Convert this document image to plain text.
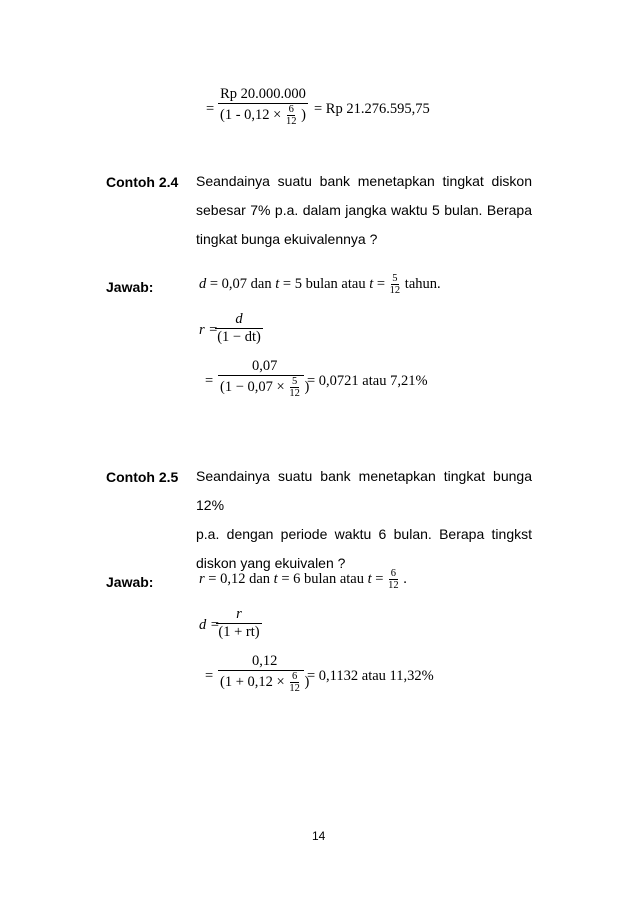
=
Rp 20.000.000
($1 - 0,12 \times \frac{6}{12}$ ) = Rp 21.276.595,75
Contoh 2.4 Seandainya suatu bank menetapkan tingkat diskon
sebesar 7% p.a. dalam jangka waktu 5 bulan. Berapa
tingkat bunga ekuivalennya ?
Jawab:	d = 0,07 dan t = 5 bulan atau $t = \frac{5}{12}$ tahun.
r =
d
(1 − dt)
=
0,07
($1 - 0,07 \times \frac{5}{12}$ )
= 0,0721 atau 7,21%
Contoh 2.5 Seandainya suatu bank menetapkan tingkat bunga 12%
p.a. dengan periode waktu 6 bulan. Berapa tingkst
diskon yang ekuivalen ?
Jawab:	r = 0,12 dan t = 6 bulan atau $t = \frac{6}{12}$ .
d =
r
(1 + rt)
=
0,12
($1 + 0,12 \times \frac{6}{12}$ )
= 0,1132 atau 11,32%
14
